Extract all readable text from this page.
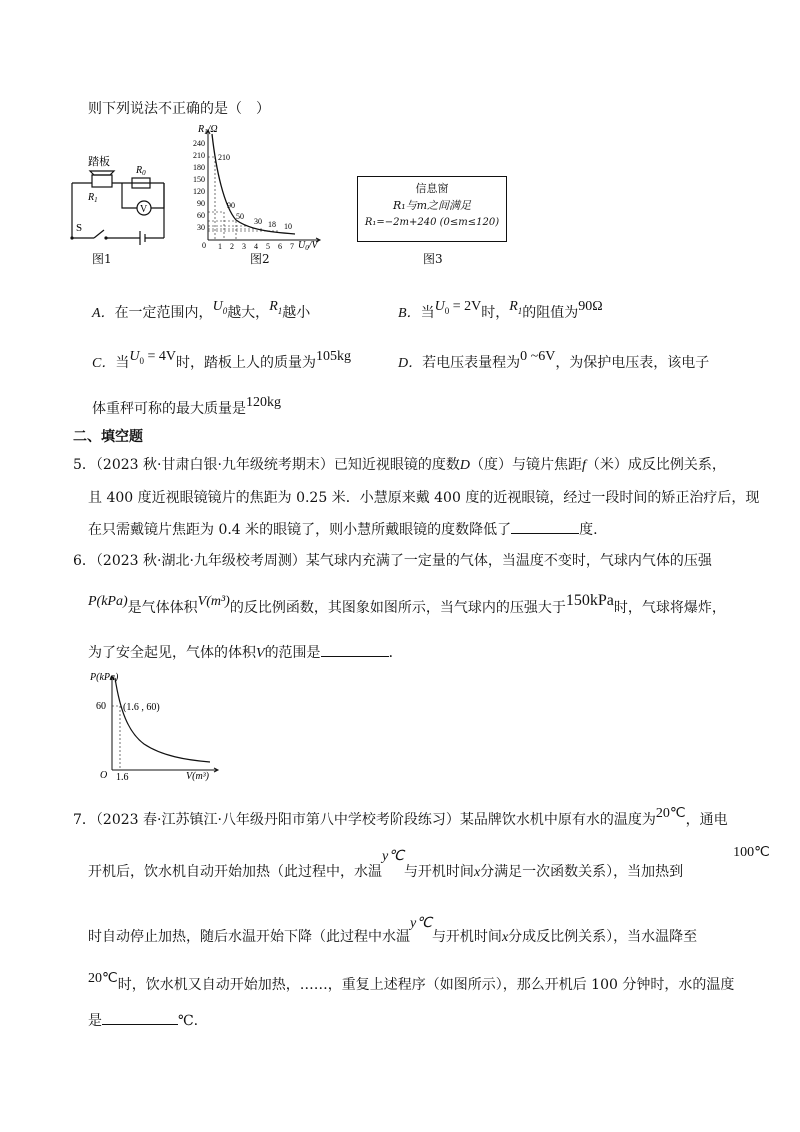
则下列说法不正确的是（　）
踏板
$R_1$
$R_0$
V
S
图1
$R_1/\Omega$
240
210
180
150
120
90
60
30
1 2 3 4 5 6 7
0	$U_0/V$
210
90
50
30 18 10
图2
信息窗
R₁与m之间满足
R₁=−2m+240 (0≤m≤120)
图3
A．在一定范围内，$U_0$越大，$R_1$越小	B．当$U_0 = 2V$时，$R_1$的阻值为90Ω
C．当$U_0 = 4V$时，踏板上人的质量为105kg	D．若电压表量程为0 ~6V，为保护电压表，该电子
体重秤可称的最大质量是120kg
二、填空题
5．（2023 秋·甘肃白银·九年级统考期末）已知近视眼镜的度数D（度）与镜片焦距f（米）成反比例关系，
且 400 度近视眼镜镜片的焦距为 0.25 米．小慧原来戴 400 度的近视眼镜，经过一段时间的矫正治疗后，现
在只需戴镜片焦距为 0.4 米的眼镜了，则小慧所戴眼镜的度数降低了	度.
6．（2023 秋·湖北·九年级校考周测）某气球内充满了一定量的气体，当温度不变时，气球内气体的压强
P(kPa)是气体体积V(m³)的反比例函数，其图象如图所示，当气球内的压强大于150kPa时，气球将爆炸，
为了安全起见，气体的体积V的范围是	．
P(kPa)
V(m³)
O
60
1.6
(1.6 , 60)
7．（2023 春·江苏镇江·八年级丹阳市第八中学校考阶段练习）某品牌饮水机中原有水的温度为20℃，通电
开机后，饮水机自动开始加热（此过程中，水温y℃与开机时间x分满足一次函数关系），当加热到100℃
时自动停止加热，随后水温开始下降（此过程中水温y℃与开机时间x分成反比例关系），当水温降至
20℃时，饮水机又自动开始加热，……，重复上述程序（如图所示），那么开机后 100 分钟时，水的温度
是	℃.
